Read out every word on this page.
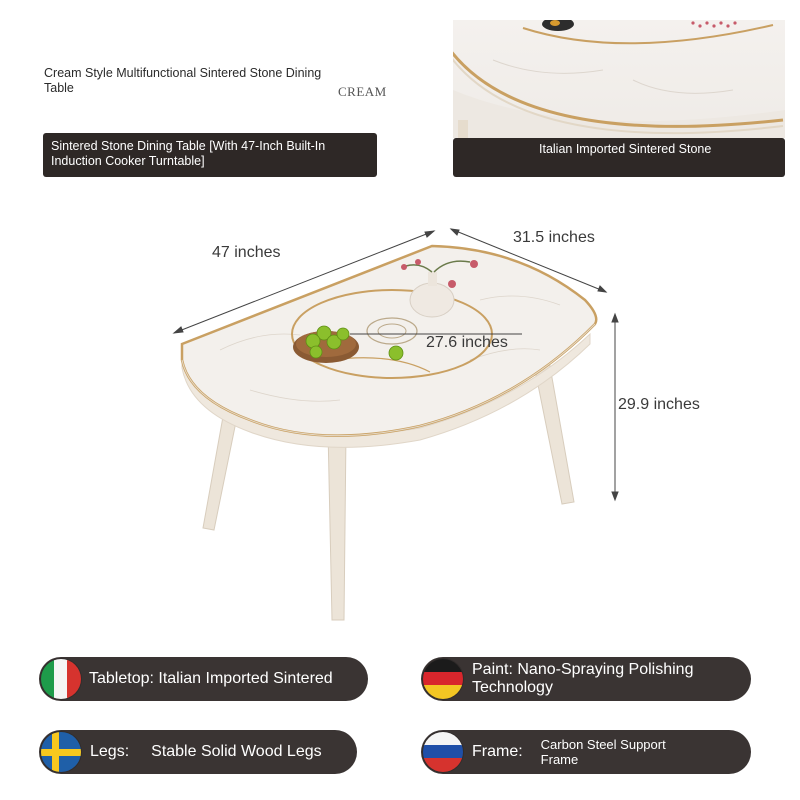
Cream Style Multifunctional Sintered Stone Dining Table	CREAM
Sintered Stone Dining Table [With 47-Inch Built-In Induction Cooker Turntable]
Italian Imported Sintered Stone
47 inches
31.5 inches
27.6 inches
29.9 inches
Tabletop: Italian Imported Sintered
Paint: Nano-Spraying Polishing Technology
Legs: Stable Solid Wood Legs	Frame: Carbon Steel Support Frame
